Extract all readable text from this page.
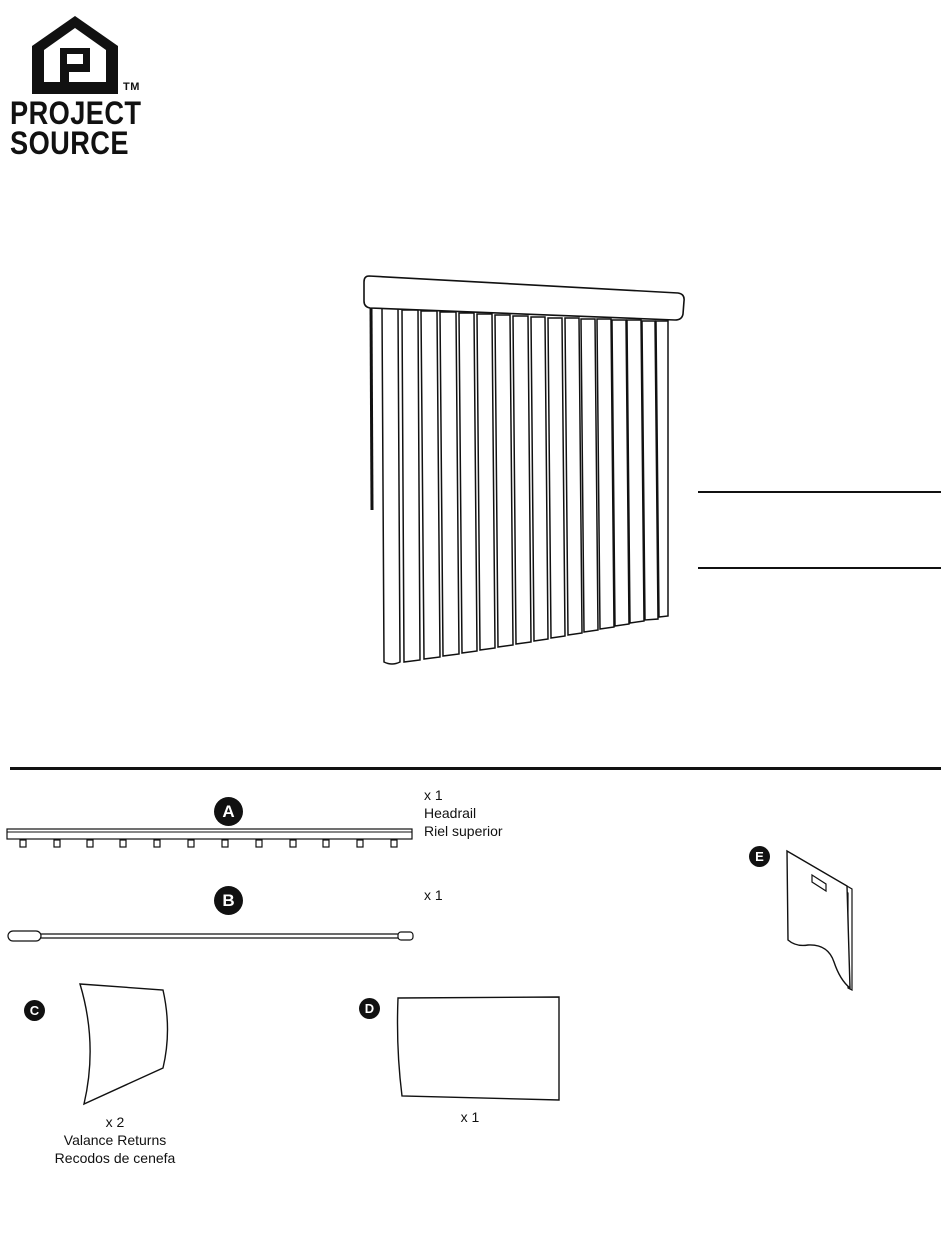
TM
PROJECT
SOURCE
A
x 1
Headrail
Riel superior
B	x 1
C
x 2
Valance Returns
Recodos de cenefa
D
x 1
E
